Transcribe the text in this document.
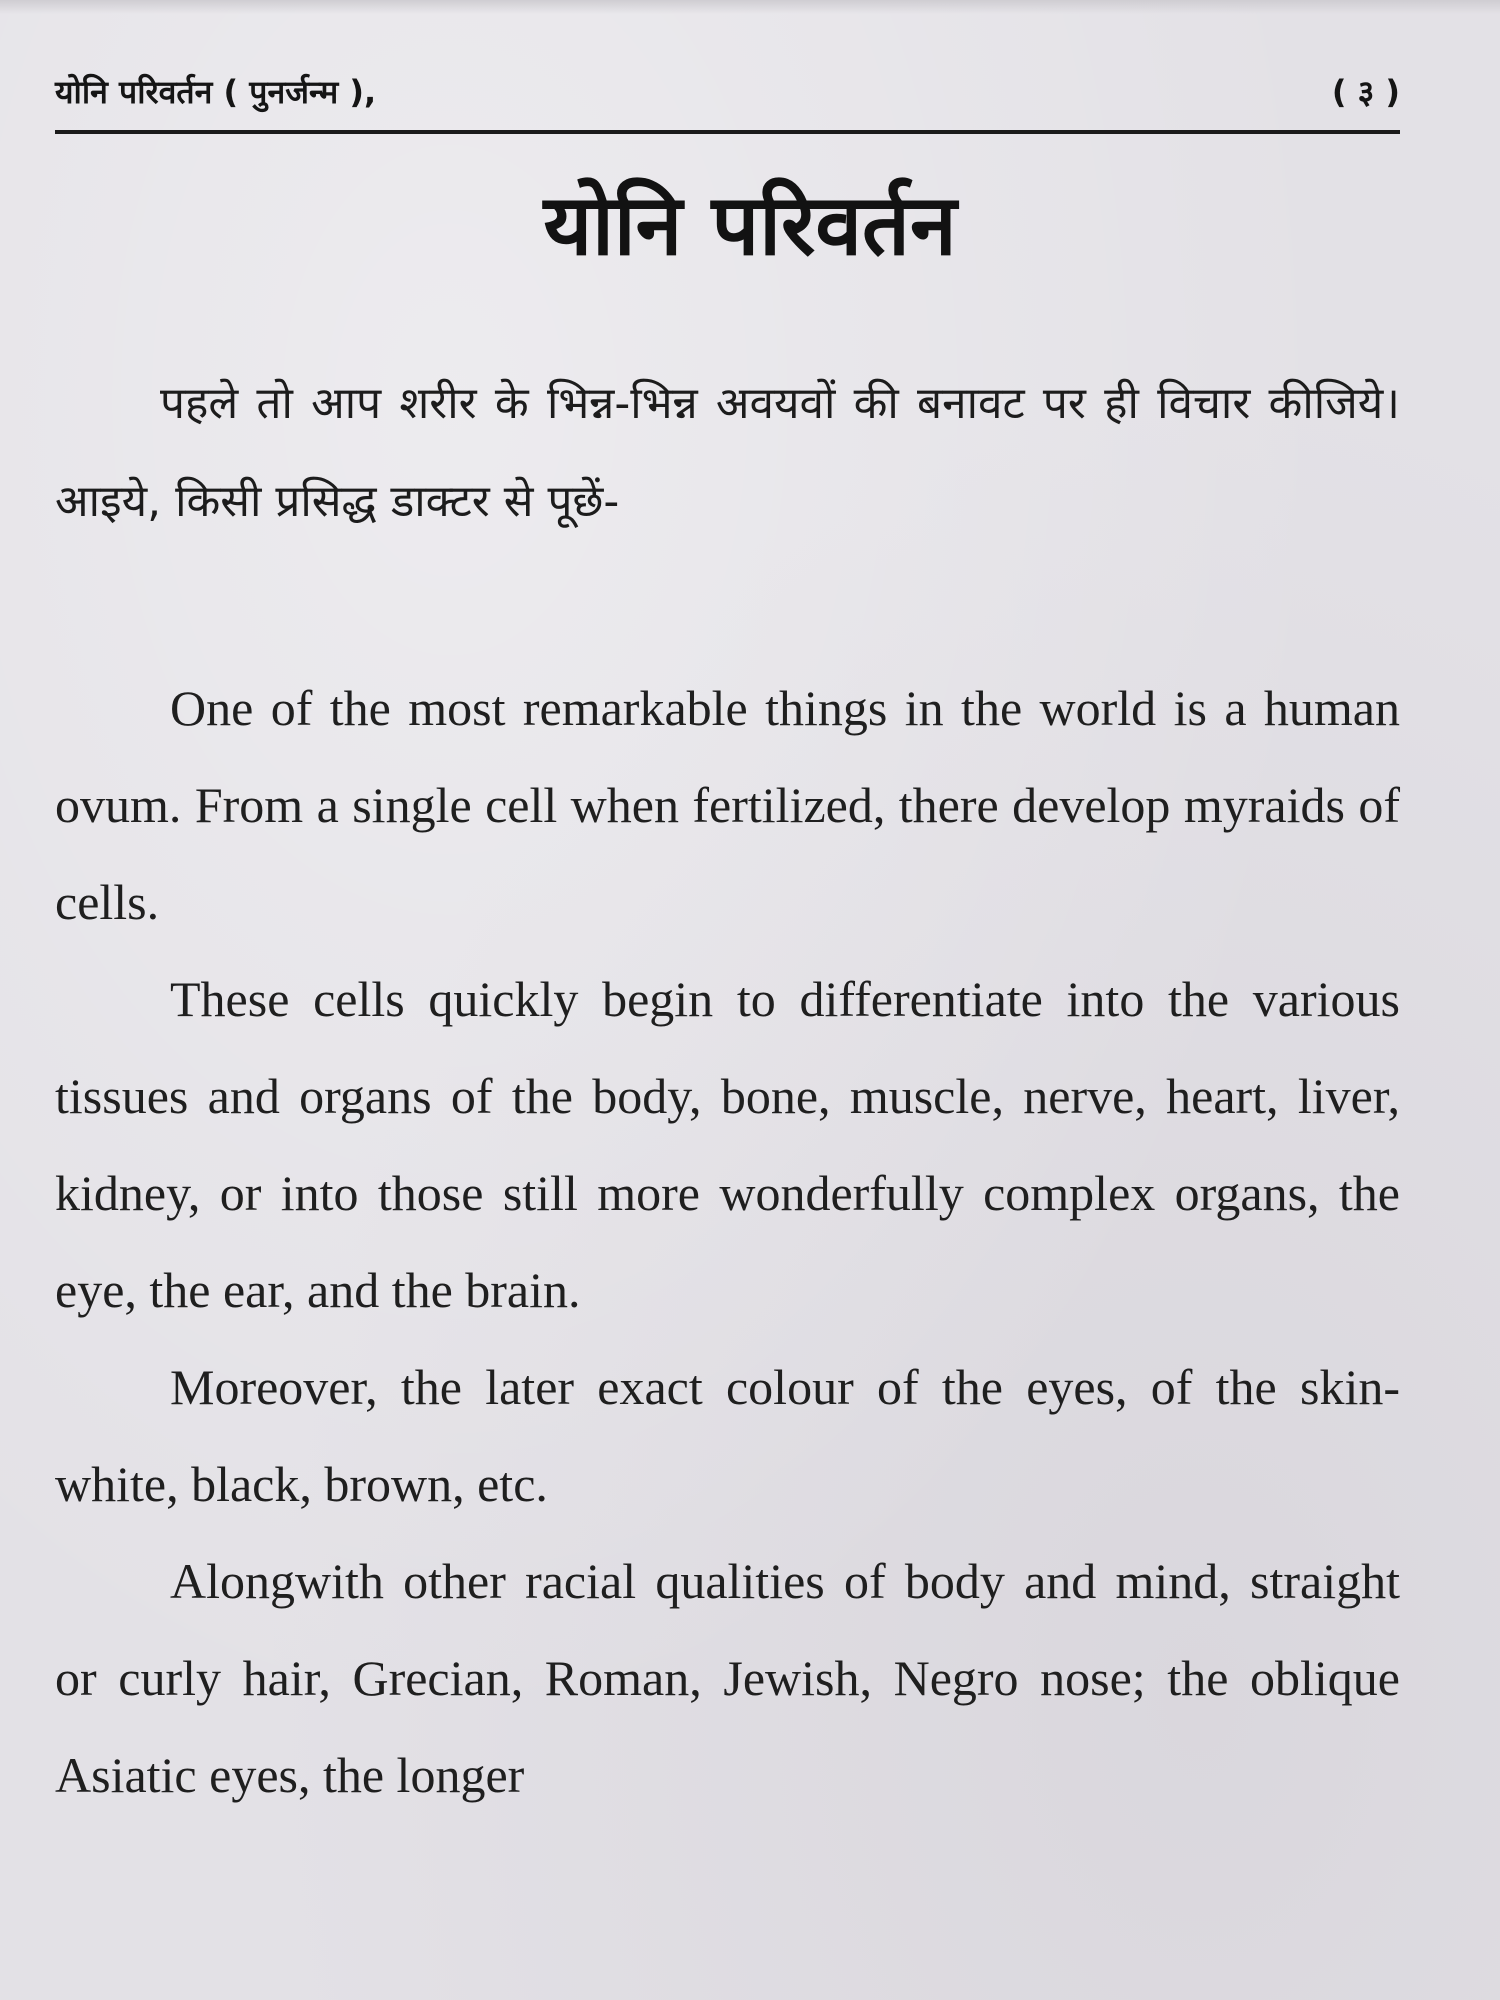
योनि परिवर्तन ( पुनर्जन्म ),	( ३ )
योनि परिवर्तन

पहले तो आप शरीर के भिन्न-भिन्न अवयवों की बनावट पर ही विचार कीजिये। आइये, किसी प्रसिद्ध डाक्टर से पूछें-

One of the most remarkable things in the world is a human ovum. From a single cell when fertilized, there develop myraids of cells.

These cells quickly begin to differentiate into the various tissues and organs of the body, bone, muscle, nerve, heart, liver, kidney, or into those still more wonderfully complex organs, the eye, the ear, and the brain.

Moreover, the later exact colour of the eyes, of the skin-white, black, brown, etc.

Alongwith other racial qualities of body and mind, straight or curly hair, Grecian, Roman, Jewish, Negro nose; the oblique Asiatic eyes, the longer
